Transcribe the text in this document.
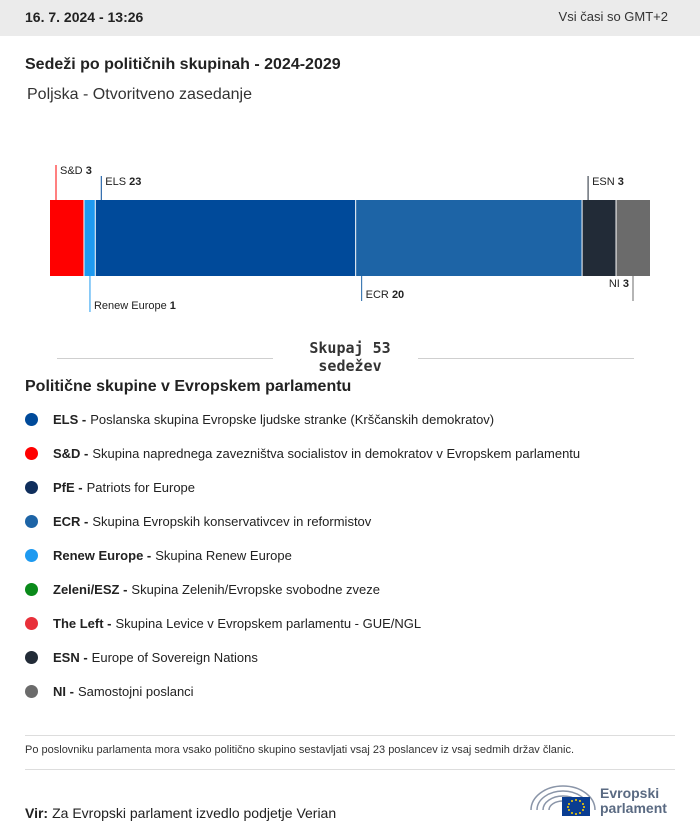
16. 7. 2024 - 13:26	Vsi časi so GMT+2
Sedeži po političnih skupinah - 2024-2029
Poljska - Otvoritveno zasedanje
S&D 3
Renew Europe 1
ELS 23
ECR 20
ESN 3
NI 3
Skupaj 53
sedežev
Politične skupine v Evropskem parlamentu
ELS - Poslanska skupina Evropske ljudske stranke (Krščanskih demokratov)
S&D - Skupina naprednega zavezništva socialistov in demokratov v Evropskem parlamentu
PfE - Patriots for Europe
ECR - Skupina Evropskih konservativcev in reformistov
Renew Europe - Skupina Renew Europe
Zeleni/ESZ - Skupina Zelenih/Evropske svobodne zveze
The Left - Skupina Levice v Evropskem parlamentu - GUE/NGL
ESN - Europe of Sovereign Nations
NI - Samostojni poslanci
Po poslovniku parlamenta mora vsako politično skupino sestavljati vsaj 23 poslancev iz vsaj sedmih držav članic.
Vir: Za Evropski parlament izvedlo podjetje Verian
Evropski
parlament
